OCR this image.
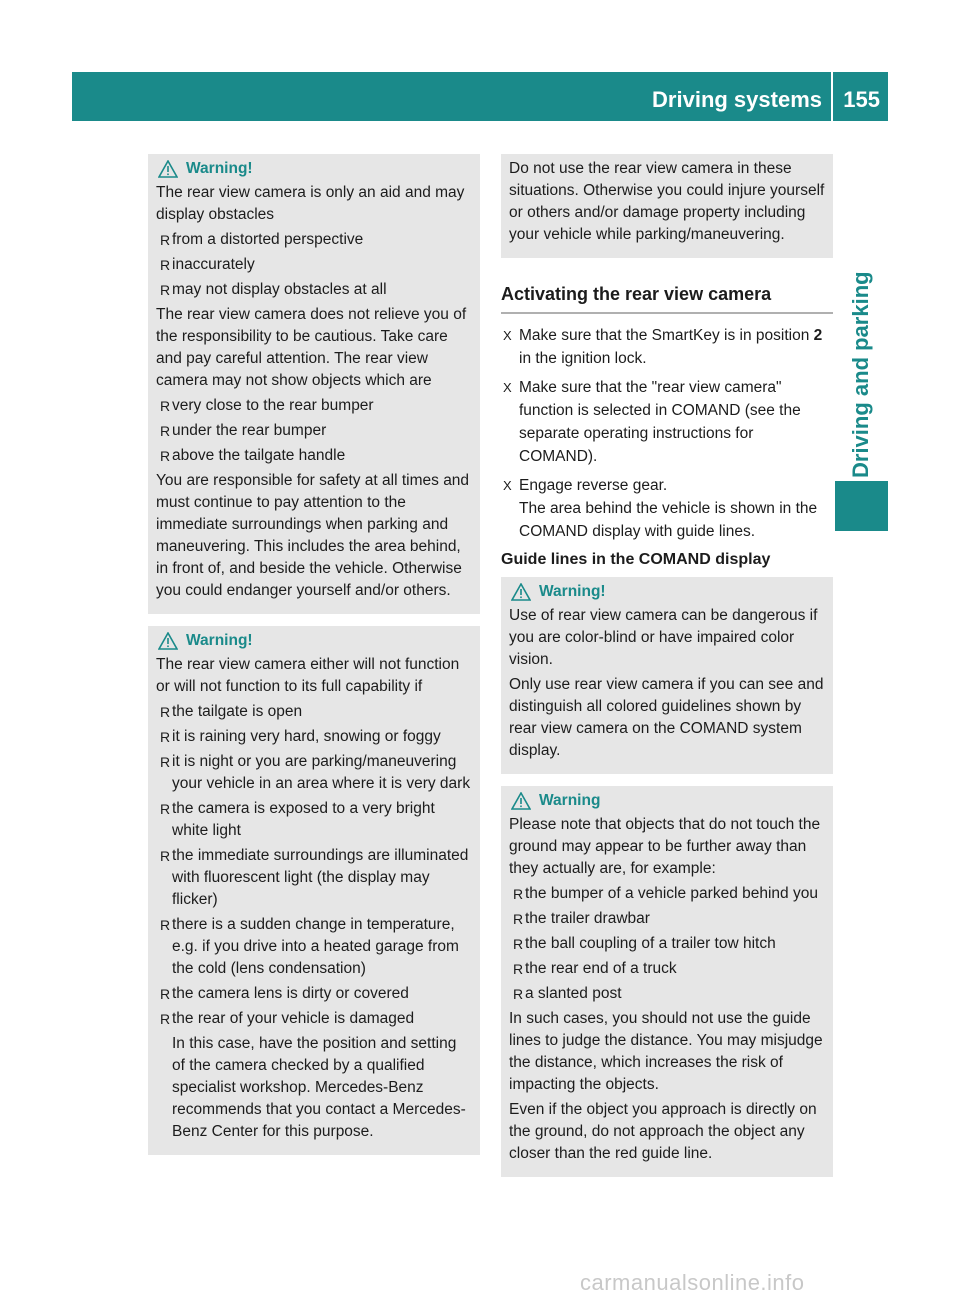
Driving systems 155
Driving and parking
Warning!

The rear view camera is only an aid and may display obstacles

R from a distorted perspective
R inaccurately
R may not display obstacles at all

The rear view camera does not relieve you of the responsibility to be cautious. Take care and pay careful attention. The rear view camera may not show objects which are

R very close to the rear bumper
R under the rear bumper
R above the tailgate handle

You are responsible for safety at all times and must continue to pay attention to the immediate surroundings when parking and maneuvering. This includes the area behind, in front of, and beside the vehicle. Otherwise you could endanger yourself and/or others.

Warning!

The rear view camera either will not function or will not function to its full capability if

R the tailgate is open
R it is raining very hard, snowing or foggy
R it is night or you are parking/maneuvering your vehicle in an area where it is very dark
R the camera is exposed to a very bright white light
R the immediate surroundings are illuminated with fluorescent light (the display may flicker)
R there is a sudden change in temperature, e.g. if you drive into a heated garage from the cold (lens condensation)
R the camera lens is dirty or covered
R the rear of your vehicle is damaged
In this case, have the position and setting of the camera checked by a qualified specialist workshop. Mercedes-Benz recommends that you contact a Mercedes-Benz Center for this purpose.

Do not use the rear view camera in these situations. Otherwise you could injure yourself or others and/or damage property including your vehicle while parking/maneuvering.

Activating the rear view camera
X Make sure that the SmartKey is in position 2 in the ignition lock.
X Make sure that the "rear view camera" function is selected in COMAND (see the separate operating instructions for COMAND).
X Engage reverse gear.
The area behind the vehicle is shown in the COMAND display with guide lines.
Guide lines in the COMAND display
Warning!

Use of rear view camera can be dangerous if you are color-blind or have impaired color vision.

Only use rear view camera if you can see and distinguish all colored guidelines shown by rear view camera on the COMAND system display.

Warning

Please note that objects that do not touch the ground may appear to be further away than they actually are, for example:

R the bumper of a vehicle parked behind you
R the trailer drawbar
R the ball coupling of a trailer tow hitch
R the rear end of a truck
R a slanted post

In such cases, you should not use the guide lines to judge the distance. You may misjudge the distance, which increases the risk of impacting the objects.

Even if the object you approach is directly on the ground, do not approach the object any closer than the red guide line.

carmanualsonline.info
